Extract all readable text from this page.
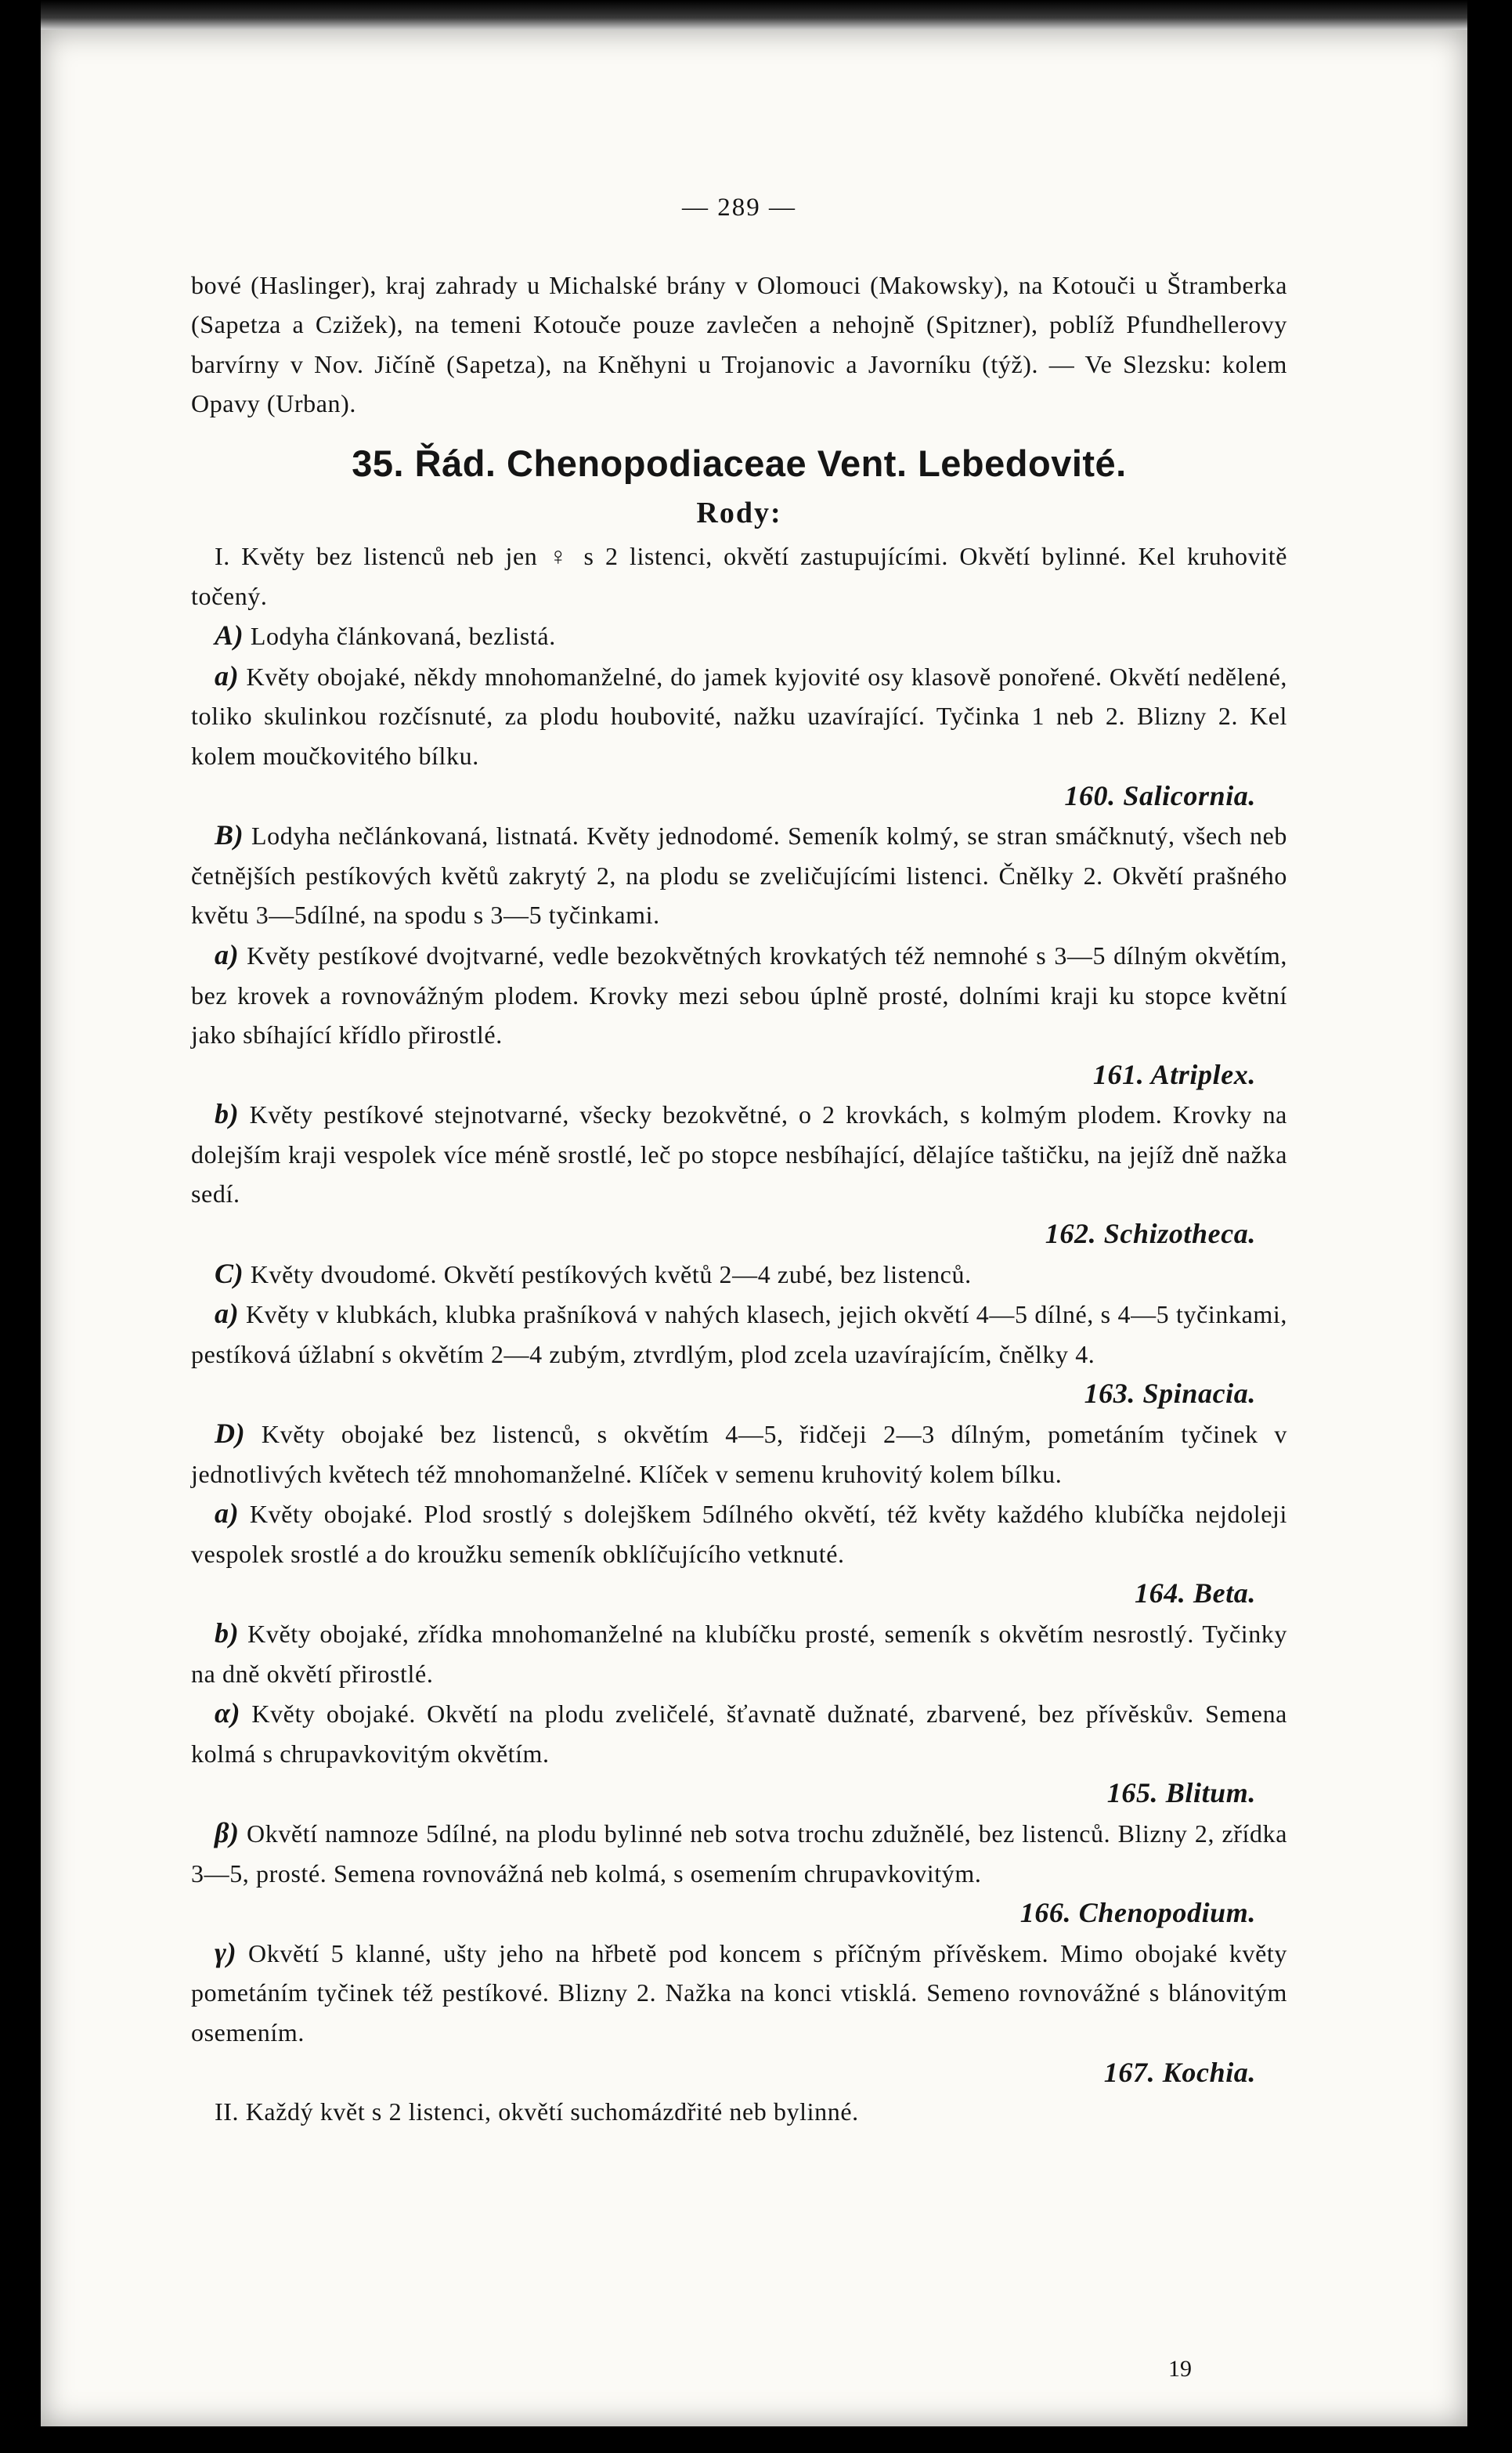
— 289 —

bové (Haslinger), kraj zahrady u Michalské brány v Olomouci (Makowsky), na Kotouči u Štramberka (Sapetza a Czižek), na temeni Kotouče pouze zavlečen a nehojně (Spitzner), poblíž Pfundhellerovy barvírny v Nov. Jičíně (Sapetza), na Kněhyni u Trojanovic a Javorníku (týž). — Ve Slezsku: kolem Opavy (Urban).

35. Řád. Chenopodiaceae Vent. Lebedovité.
Rody:

I. Květy bez listenců neb jen ♀ s 2 listenci, okvětí zastupujícími. Okvětí bylinné. Kel kruhovitě točený.

A) Lodyha článkovaná, bezlistá.

a) Květy obojaké, někdy mnohomanželné, do jamek kyjovité osy klasově ponořené. Okvětí nedělené, toliko skulinkou rozčísnuté, za plodu houbovité, nažku uzavírající. Tyčinka 1 neb 2. Blizny 2. Kel kolem moučkovitého bílku.

160. Salicornia.

B) Lodyha nečlánkovaná, listnatá. Květy jednodomé. Semeník kolmý, se stran smáčknutý, všech neb četnějších pestíkových květů zakrytý 2, na plodu se zveličujícími listenci. Čnělky 2. Okvětí prašného květu 3—5dílné, na spodu s 3—5 tyčinkami.

a) Květy pestíkové dvojtvarné, vedle bezokvětných krovkatých též nemnohé s 3—5 dílným okvětím, bez krovek a rovnovážným plodem. Krovky mezi sebou úplně prosté, dolními kraji ku stopce květní jako sbíhající křídlo přirostlé.

161. Atriplex.

b) Květy pestíkové stejnotvarné, všecky bezokvětné, o 2 krovkách, s kolmým plodem. Krovky na dolejším kraji vespolek více méně srostlé, leč po stopce nesbíhající, dělajíce taštičku, na jejíž dně nažka sedí.

162. Schizotheca.

C) Květy dvoudomé. Okvětí pestíkových květů 2—4 zubé, bez listenců.

a) Květy v klubkách, klubka prašníková v nahých klasech, jejich okvětí 4—5 dílné, s 4—5 tyčinkami, pestíková úžlabní s okvětím 2—4 zubým, ztvrdlým, plod zcela uzavírajícím, čnělky 4.

163. Spinacia.

D) Květy obojaké bez listenců, s okvětím 4—5, řidčeji 2—3 dílným, pometáním tyčinek v jednotlivých květech též mnohomanželné. Klíček v semenu kruhovitý kolem bílku.

a) Květy obojaké. Plod srostlý s dolejškem 5dílného okvětí, též květy každého klubíčka nejdoleji vespolek srostlé a do kroužku semeník obklíčujícího vetknuté.

164. Beta.

b) Květy obojaké, zřídka mnohomanželné na klubíčku prosté, semeník s okvětím nesrostlý. Tyčinky na dně okvětí přirostlé.

α) Květy obojaké. Okvětí na plodu zveličelé, šťavnatě dužnaté, zbarvené, bez přívěskův. Semena kolmá s chrupavkovitým okvětím.

165. Blitum.

β) Okvětí namnoze 5dílné, na plodu bylinné neb sotva trochu zdužnělé, bez listenců. Blizny 2, zřídka 3—5, prosté. Semena rovnovážná neb kolmá, s osemením chrupavkovitým.

166. Chenopodium.

γ) Okvětí 5 klanné, ušty jeho na hřbetě pod koncem s příčným přívěskem. Mimo obojaké květy pometáním tyčinek též pestíkové. Blizny 2. Nažka na konci vtisklá. Semeno rovnovážné s blánovitým osemením.

167. Kochia.

II. Každý květ s 2 listenci, okvětí suchomázdřité neb bylinné.

19
